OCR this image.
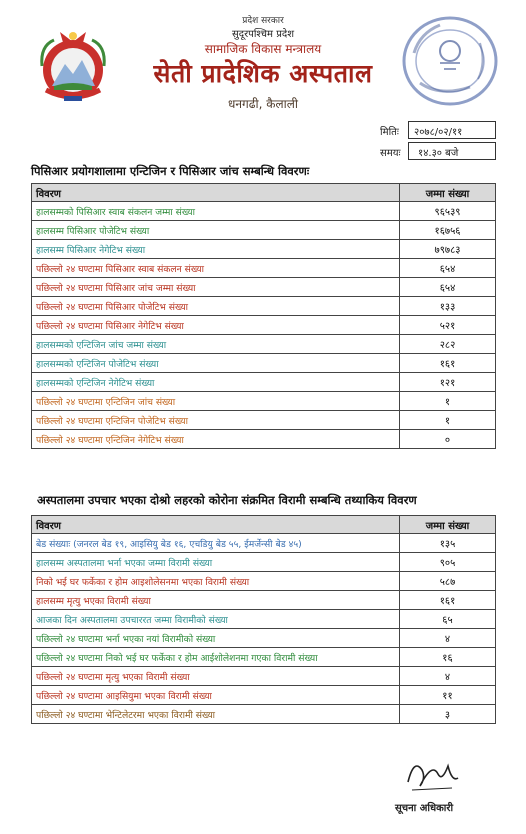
प्रदेश सरकार
सुदूरपश्चिम प्रदेश
सामाजिक विकास मन्त्रालय
सेती प्रादेशिक अस्पताल
धनगढी, कैलाली
मितिः २०७८/०२/११
समयः १४.३० बजे
पिसिआर प्रयोगशालामा एन्टिजिन र पिसिआर जांच सम्बन्धि विवरणः
विवरण	जम्मा संख्या
हालसम्मको पिसिआर स्वाब संकलन जम्मा संख्या	९६५३९
हालसम्म पिसिआर पोजेटिभ संख्या	१६७५६
हालसम्म पिसिआर नेगेटिभ संख्या	७९७८३
पछिल्लो २४ घण्टामा पिसिआर स्वाब संकलन संख्या	६५४
पछिल्लो २४ घण्टामा पिसिआर जांच जम्मा संख्या	६५४
पछिल्लो २४ घण्टामा पिसिआर पोजेटिभ संख्या	१३३
पछिल्लो २४ घण्टामा पिसिआर नेगेटिभ संख्या	५२१
हालसम्मको एन्टिजिन जांच जम्मा संख्या	२८२
हालसम्मको एन्टिजिन पोजेटिभ संख्या	१६१
हालसम्मको एन्टिजिन नेगेटिभ संख्या	१२१
पछिल्लो २४ घण्टामा एन्टिजिन जांच संख्या	१
पछिल्लो २४ घण्टामा एन्टिजिन पोजेटिभ संख्या	१
पछिल्लो २४ घण्टामा एन्टिजिन नेगेटिभ संख्या	०
अस्पतालमा उपचार भएका दोश्रो लहरको कोरोना संक्रमित विरामी सम्बन्धि तथ्याकिय विवरण
विवरण	जम्मा संख्या
बेड संख्याः (जनरल बेड १९, आइसियु बेड १६, एचडियु बेड ५५, ईमर्जेन्सी बेड ४५)	१३५
हालसम्म अस्पतालमा भर्ना भएका जम्मा विरामी संख्या	९०५
निको भई घर फर्केका र होम आइशोलेसनमा भएका विरामी संख्या	५८७
हालसम्म मृत्यु भएका विरामी संख्या	१६१
आजका दिन अस्पतालमा उपचाररत जम्मा विरामीको संख्या	६५
पछिल्लो २४ घण्टामा भर्ना भएका नयां विरामीको संख्या	४
पछिल्लो २४ घण्टामा निको भई घर फर्केका र होम आईशोलेशनमा गएका विरामी संख्या	१६
पछिल्लो २४ घण्टामा मृत्यु भएका विरामी संख्या	४
पछिल्लो २४ घण्टामा आइसियुमा भएका विरामी संख्या	११
पछिल्लो २४ घण्टामा भेन्टिलेटरमा भएका विरामी संख्या	३
सूचना अधिकारी
